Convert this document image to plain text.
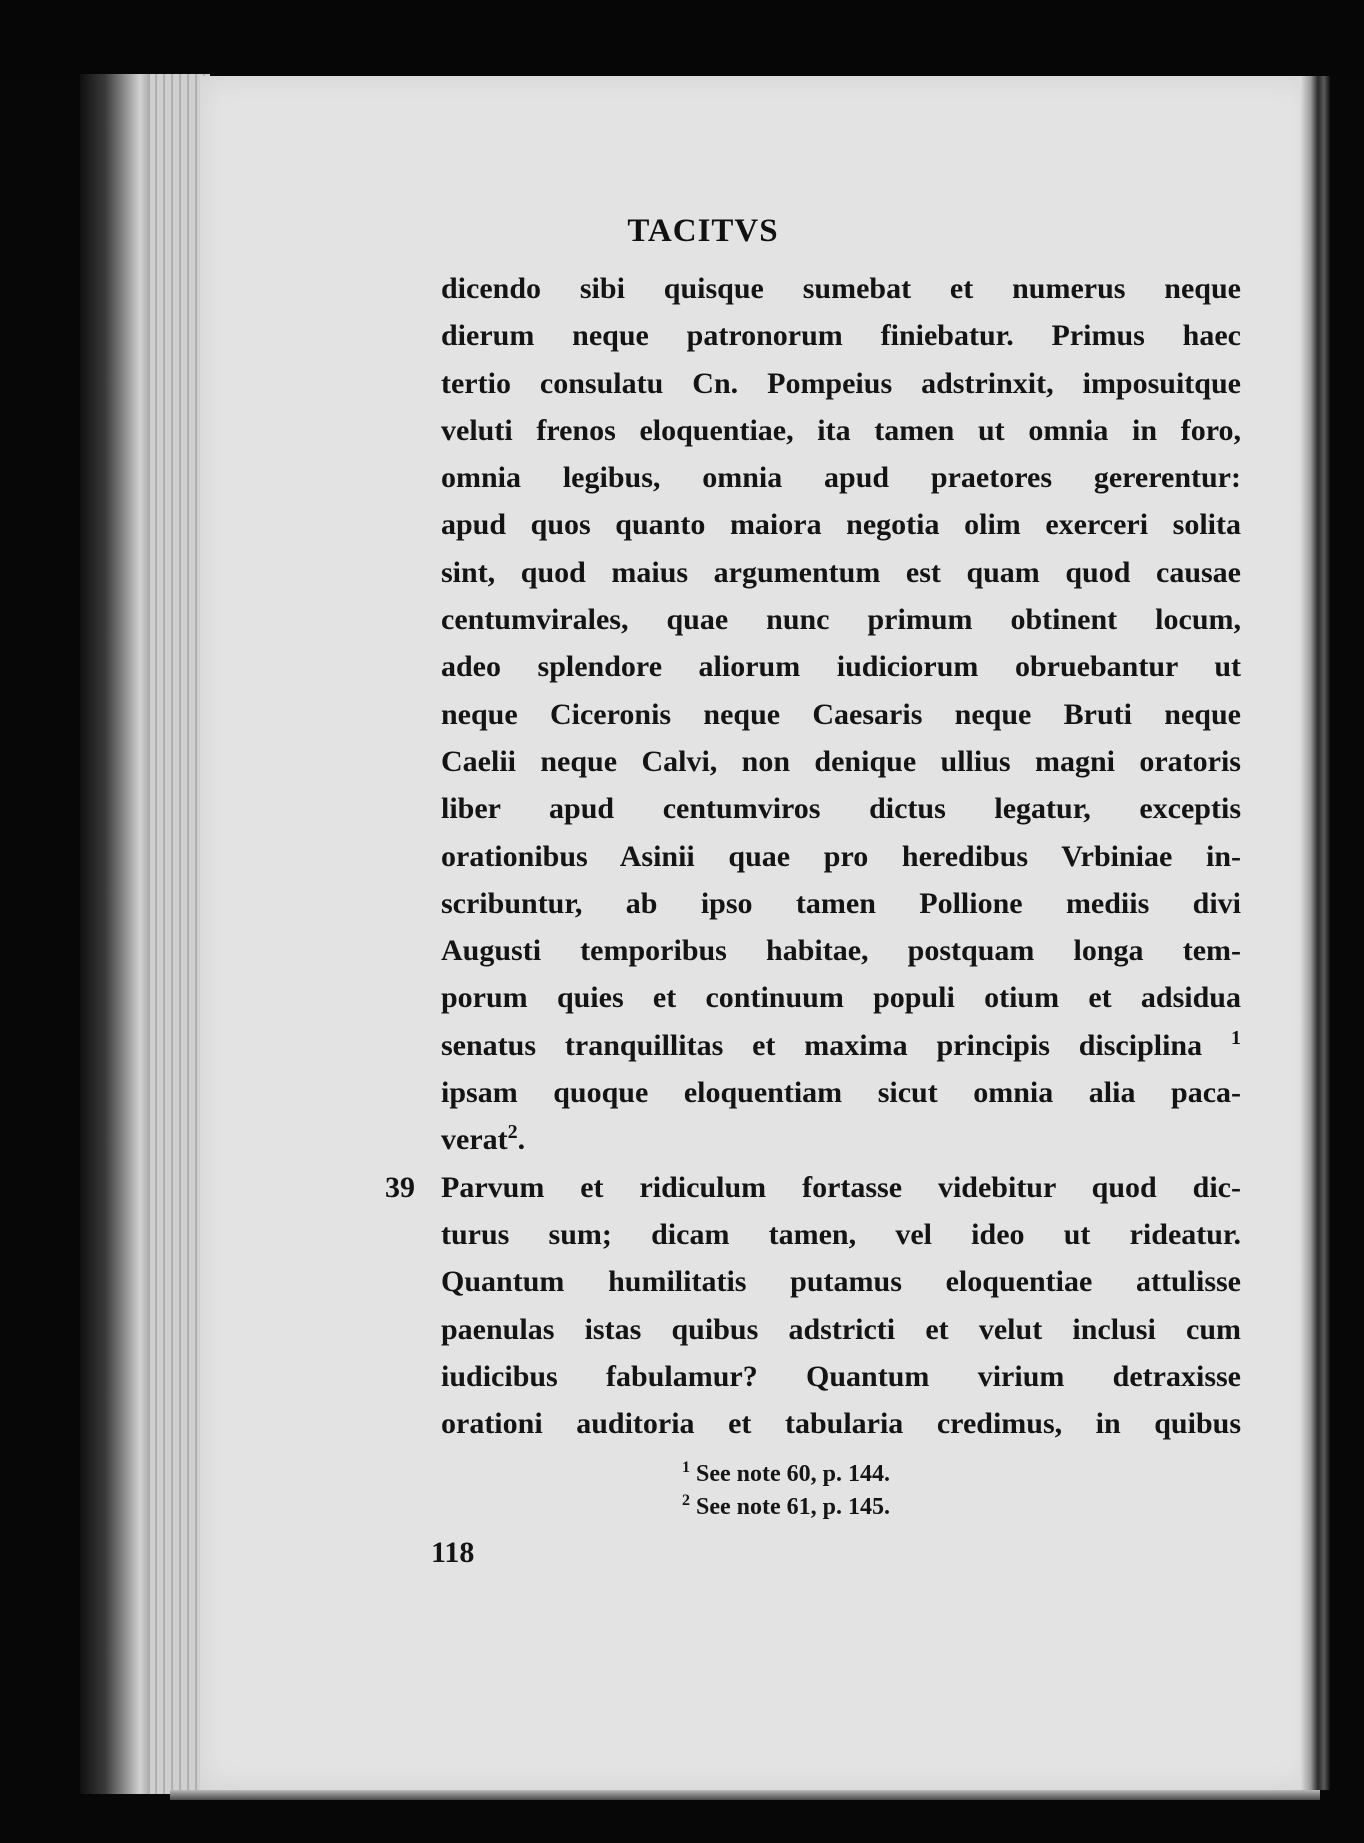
TACITVS
dicendo sibi quisque sumebat et numerus neque
dierum neque patronorum finiebatur. Primus haec
tertio consulatu Cn. Pompeius adstrinxit, imposuitque
veluti frenos eloquentiae, ita tamen ut omnia in foro,
omnia legibus, omnia apud praetores gererentur:
apud quos quanto maiora negotia olim exerceri solita
sint, quod maius argumentum est quam quod causae
centumvirales, quae nunc primum obtinent locum,
adeo splendore aliorum iudiciorum obruebantur ut
neque Ciceronis neque Caesaris neque Bruti neque
Caelii neque Calvi, non denique ullius magni oratoris
liber apud centumviros dictus legatur, exceptis
orationibus Asinii quae pro heredibus Vrbiniae in-
scribuntur, ab ipso tamen Pollione mediis divi
Augusti temporibus habitae, postquam longa tem-
porum quies et continuum populi otium et adsidua
senatus tranquillitas et maxima principis disciplina $^1$
ipsam quoque eloquentiam sicut omnia alia paca-
verat$^2$.
Parvum et ridiculum fortasse videbitur quod dic-
turus sum; dicam tamen, vel ideo ut rideatur.
Quantum humilitatis putamus eloquentiae attulisse
paenulas istas quibus adstricti et velut inclusi cum
iudicibus fabulamur? Quantum virium detraxisse
orationi auditoria et tabularia credimus, in quibus
39
$^1$ See note 60, p. 144.
$^2$ See note 61, p. 145.
118
